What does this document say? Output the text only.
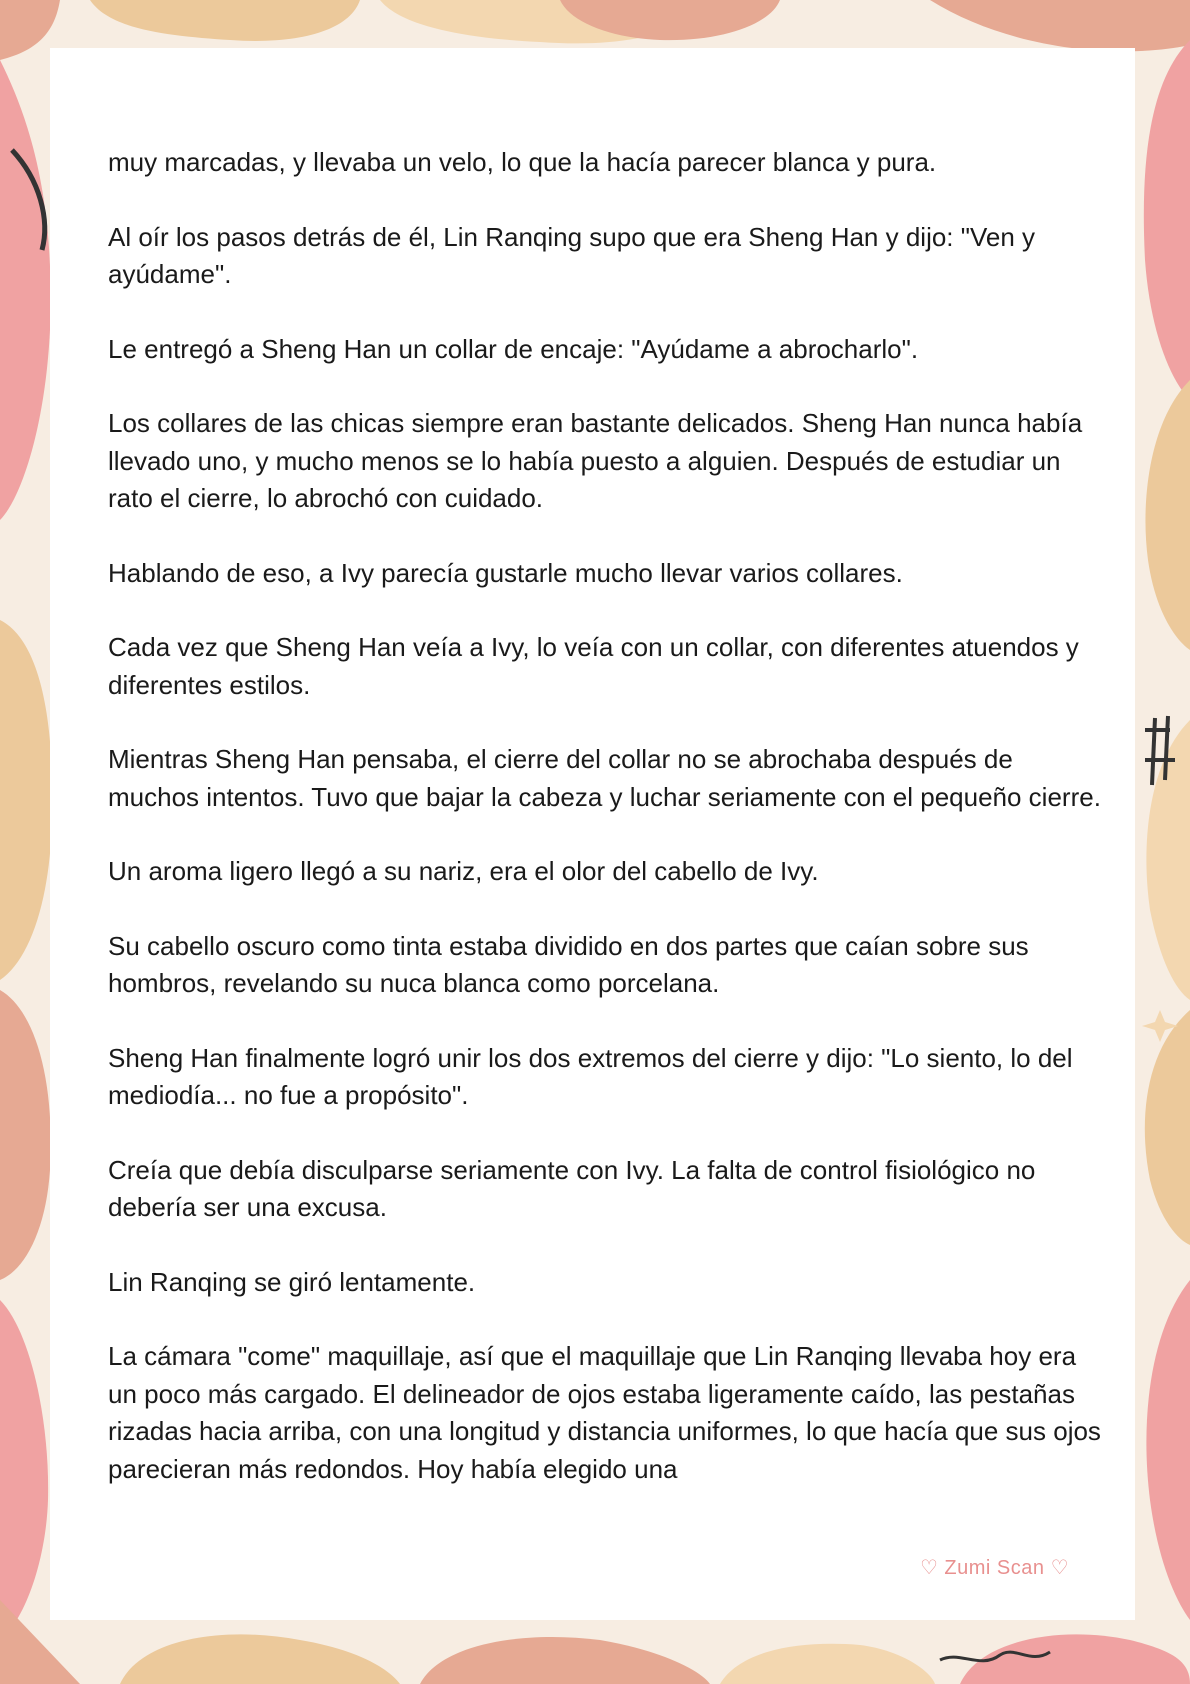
muy marcadas, y llevaba un velo, lo que la hacía parecer blanca y pura.

Al oír los pasos detrás de él, Lin Ranqing supo que era Sheng Han y dijo: "Ven y ayúdame".

Le entregó a Sheng Han un collar de encaje: "Ayúdame a abrocharlo".

Los collares de las chicas siempre eran bastante delicados. Sheng Han nunca había llevado uno, y mucho menos se lo había puesto a alguien. Después de estudiar un rato el cierre, lo abrochó con cuidado.

Hablando de eso, a Ivy parecía gustarle mucho llevar varios collares.

Cada vez que Sheng Han veía a Ivy, lo veía con un collar, con diferentes atuendos y diferentes estilos.

Mientras Sheng Han pensaba, el cierre del collar no se abrochaba después de muchos intentos. Tuvo que bajar la cabeza y luchar seriamente con el pequeño cierre.

Un aroma ligero llegó a su nariz, era el olor del cabello de Ivy.

Su cabello oscuro como tinta estaba dividido en dos partes que caían sobre sus hombros, revelando su nuca blanca como porcelana.

Sheng Han finalmente logró unir los dos extremos del cierre y dijo: "Lo siento, lo del mediodía... no fue a propósito".

Creía que debía disculparse seriamente con Ivy. La falta de control fisiológico no debería ser una excusa.

Lin Ranqing se giró lentamente.

La cámara "come" maquillaje, así que el maquillaje que Lin Ranqing llevaba hoy era un poco más cargado. El delineador de ojos estaba ligeramente caído, las pestañas rizadas hacia arriba, con una longitud y distancia uniformes, lo que hacía que sus ojos parecieran más redondos. Hoy había elegido una

♡ Zumi Scan ♡
